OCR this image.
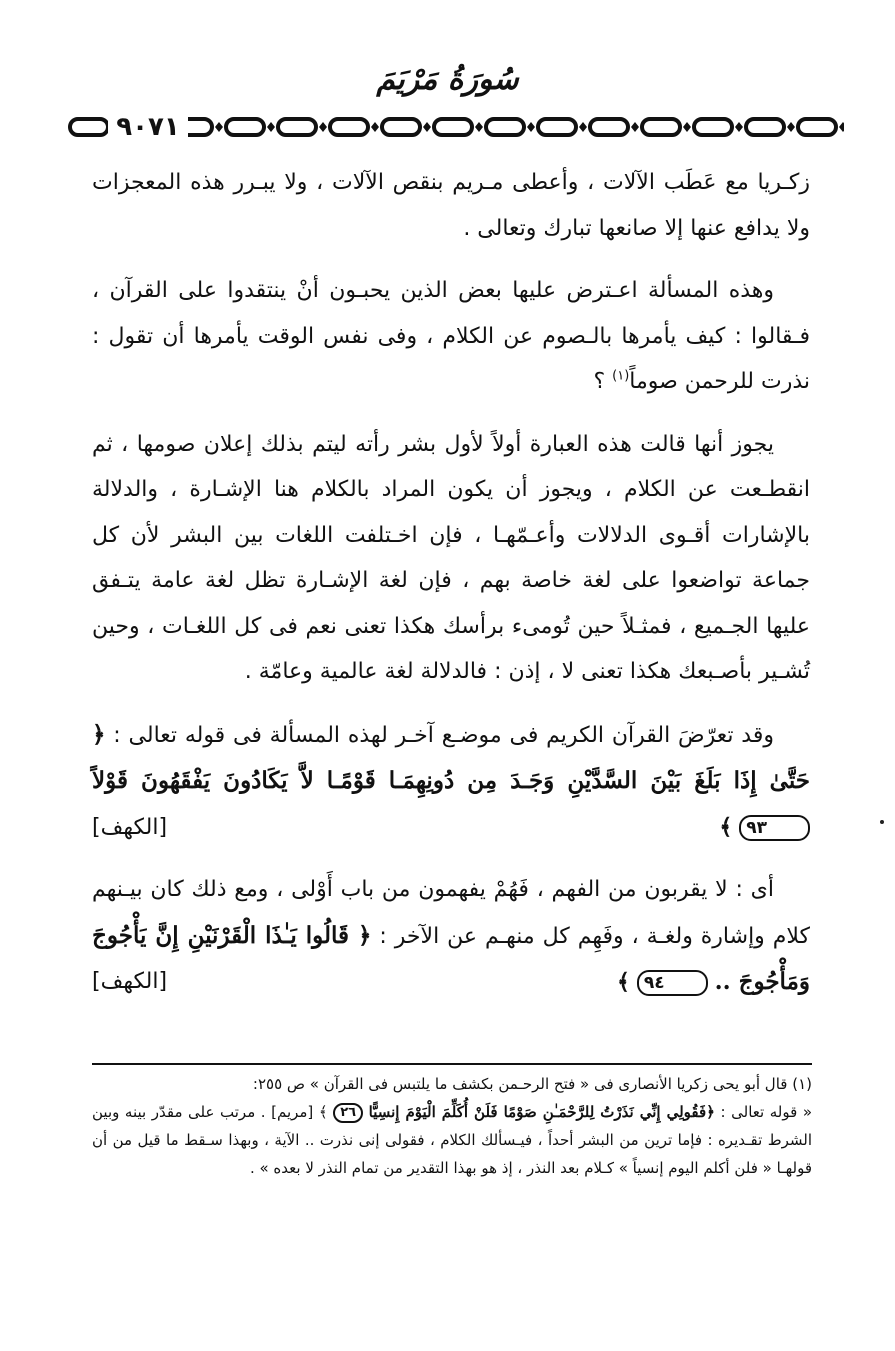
سُورَةُ مَرْيَمَ
٩٠٧١

زكـريا مع عَطَب الآلات ، وأعطى مـريم بنقص الآلات ، ولا يبـرر هذه المعجزات ولا يدافع عنها إلا صانعها تبارك وتعالى .

وهذه المسألة اعـترض عليها بعض الذين يحبـون أنْ ينتقدوا على القرآن ، فـقالوا : كيف يأمرها بالـصوم عن الكلام ، وفى نفس الوقت يأمرها أن تقول : نذرت للرحمن صوماً$^{(١)}$ ؟

يجوز أنها قالت هذه العبارة أولاً لأول بشر رأته ليتم بذلك إعلان صومها ، ثم انقطـعت عن الكلام ، ويجوز أن يكون المراد بالكلام هنا الإشـارة ، والدلالة بالإشارات أقـوى الدلالات وأعـمّهـا ، فإن اخـتلفت اللغات بين البشر لأن كل جماعة تواضعوا على لغة خاصة بهم ، فإن لغة الإشـارة تظل لغة عامة يتـفق عليها الجـميع ، فمثـلاً حين تُومىء برأسك هكذا تعنى نعم فى كل اللغـات ، وحين تُشـير بأصـبعك هكذا تعنى لا ، إذن : فالدلالة لغة عالمية وعامّة .

وقد تعرّضَ القرآن الكريم فى موضـع آخـر لهذه المسألة فى قوله تعالى : ﴿ حَتَّىٰ إِذَا بَلَغَ بَيْنَ السَّدَّيْنِ وَجَـدَ مِن دُونِهِمَـا قَوْمًـا لاَّ يَكَادُونَ يَفْقَهُونَ قَوْلاً ٩٣ ﴾
[الكهف]

أى : لا يقربون من الفهم ، فَهُمْ يفهمون من باب أَوْلى ، ومع ذلك كان بيـنهم كلام وإشارة ولغـة ، وفَهِم كل منهـم عن الآخر : ﴿ قَالُوا يَـٰذَا الْقَرْنَيْنِ إِنَّ يَأْجُوجَ وَمَأْجُوجَ .. ٩٤ ﴾
[الكهف]

(١) قال أبو يحى زكريا الأنصارى فى « فتح الرحـمن بكشف ما يلتبس فى القرآن » ص ٢٥٥:

« قوله تعالى : ﴿فَقُولِي إِنِّي نَذَرْتُ لِلرَّحْمَـٰنِ صَوْمًا فَلَنْ أُكَلِّمَ الْيَوْمَ إِنسِيًّا ٢٦ ﴾ [مريم] . مرتب على مقدّر بينه وبين الشرط تقـديره : فإما ترين من البشر أحداً ، فيـسألك الكلام ، فقولى إنى نذرت .. الآية ، وبهذا سـقط ما قيل من أن قولهـا « فلن أكلم اليوم إنسياً » كـلام بعد النذر ، إذ هو بهذا التقدير من تمام النذر لا بعده » .
